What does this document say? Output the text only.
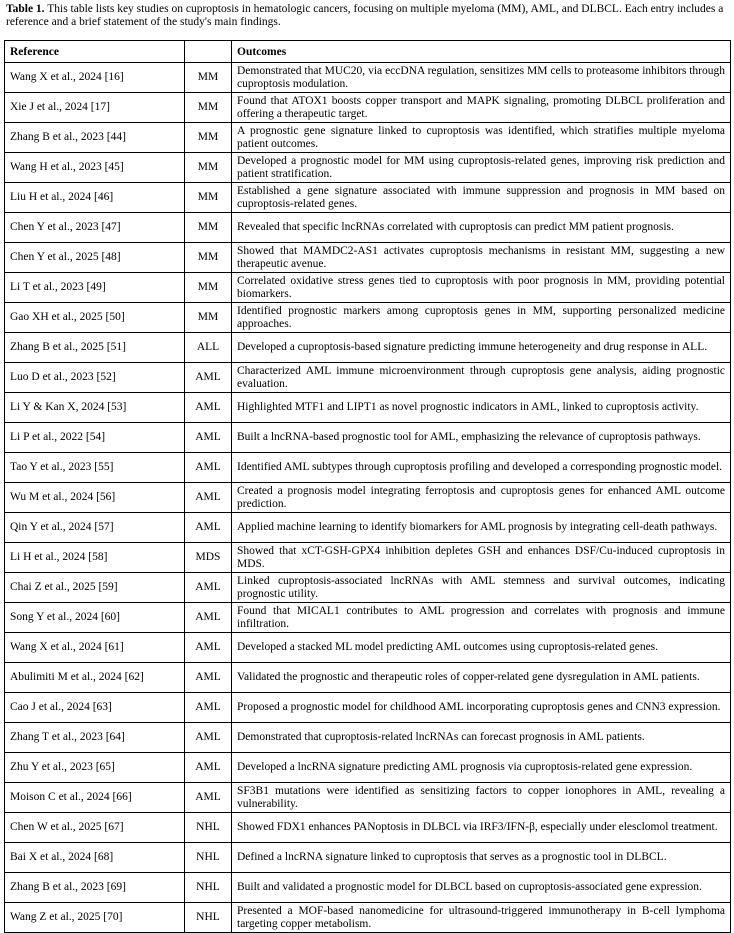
Table 1. This table lists key studies on cuproptosis in hematologic cancers, focusing on multiple myeloma (MM), AML, and DLBCL. Each entry includes a reference and a brief statement of the study's main findings.
Reference		Outcomes
Wang X et al., 2024 [16]	MM	Demonstrated that MUC20, via eccDNA regulation, sensitizes MM cells to proteasome inhibitors through cuproptosis modulation.
Xie J et al., 2024 [17]	MM	Found that ATOX1 boosts copper transport and MAPK signaling, promoting DLBCL proliferation and offering a therapeutic target.
Zhang B et al., 2023 [44]	MM	A prognostic gene signature linked to cuproptosis was identified, which stratifies multiple myeloma patient outcomes.
Wang H et al., 2023 [45]	MM	Developed a prognostic model for MM using cuproptosis-related genes, improving risk prediction and patient stratification.
Liu H et al., 2024 [46]	MM	Established a gene signature associated with immune suppression and prognosis in MM based on cuproptosis-related genes.
Chen Y et al., 2023 [47]	MM	Revealed that specific lncRNAs correlated with cuproptosis can predict MM patient prognosis.
Chen Y et al., 2025 [48]	MM	Showed that MAMDC2-AS1 activates cuproptosis mechanisms in resistant MM, suggesting a new therapeutic avenue.
Li T et al., 2023 [49]	MM	Correlated oxidative stress genes tied to cuproptosis with poor prognosis in MM, providing potential biomarkers.
Gao XH et al., 2025 [50]	MM	Identified prognostic markers among cuproptosis genes in MM, supporting personalized medicine approaches.
Zhang B et al., 2025 [51]	ALL	Developed a cuproptosis-based signature predicting immune heterogeneity and drug response in ALL.
Luo D et al., 2023 [52]	AML	Characterized AML immune microenvironment through cuproptosis gene analysis, aiding prognostic evaluation.
Li Y & Kan X, 2024 [53]	AML	Highlighted MTF1 and LIPT1 as novel prognostic indicators in AML, linked to cuproptosis activity.
Li P et al., 2022 [54]	AML	Built a lncRNA-based prognostic tool for AML, emphasizing the relevance of cuproptosis pathways.
Tao Y et al., 2023 [55]	AML	Identified AML subtypes through cuproptosis profiling and developed a corresponding prognostic model.
Wu M et al., 2024 [56]	AML	Created a prognosis model integrating ferroptosis and cuproptosis genes for enhanced AML outcome prediction.
Qin Y et al., 2024 [57]	AML	Applied machine learning to identify biomarkers for AML prognosis by integrating cell-death pathways.
Li H et al., 2024 [58]	MDS	Showed that xCT-GSH-GPX4 inhibition depletes GSH and enhances DSF/Cu-induced cuproptosis in MDS.
Chai Z et al., 2025 [59]	AML	Linked cuproptosis-associated lncRNAs with AML stemness and survival outcomes, indicating prognostic utility.
Song Y et al., 2024 [60]	AML	Found that MICAL1 contributes to AML progression and correlates with prognosis and immune infiltration.
Wang X et al., 2024 [61]	AML	Developed a stacked ML model predicting AML outcomes using cuproptosis-related genes.
Abulimiti M et al., 2024 [62]	AML	Validated the prognostic and therapeutic roles of copper-related gene dysregulation in AML patients.
Cao J et al., 2024 [63]	AML	Proposed a prognostic model for childhood AML incorporating cuproptosis genes and CNN3 expression.
Zhang T et al., 2023 [64]	AML	Demonstrated that cuproptosis-related lncRNAs can forecast prognosis in AML patients.
Zhu Y et al., 2023 [65]	AML	Developed a lncRNA signature predicting AML prognosis via cuproptosis-related gene expression.
Moison C et al., 2024 [66]	AML	SF3B1 mutations were identified as sensitizing factors to copper ionophores in AML, revealing a vulnerability.
Chen W et al., 2025 [67]	NHL	Showed FDX1 enhances PANoptosis in DLBCL via IRF3/IFN-β, especially under elesclomol treatment.
Bai X et al., 2024 [68]	NHL	Defined a lncRNA signature linked to cuproptosis that serves as a prognostic tool in DLBCL.
Zhang B et al., 2023 [69]	NHL	Built and validated a prognostic model for DLBCL based on cuproptosis-associated gene expression.
Wang Z et al., 2025 [70]	NHL	Presented a MOF-based nanomedicine for ultrasound-triggered immunotherapy in B-cell lymphoma targeting copper metabolism.
